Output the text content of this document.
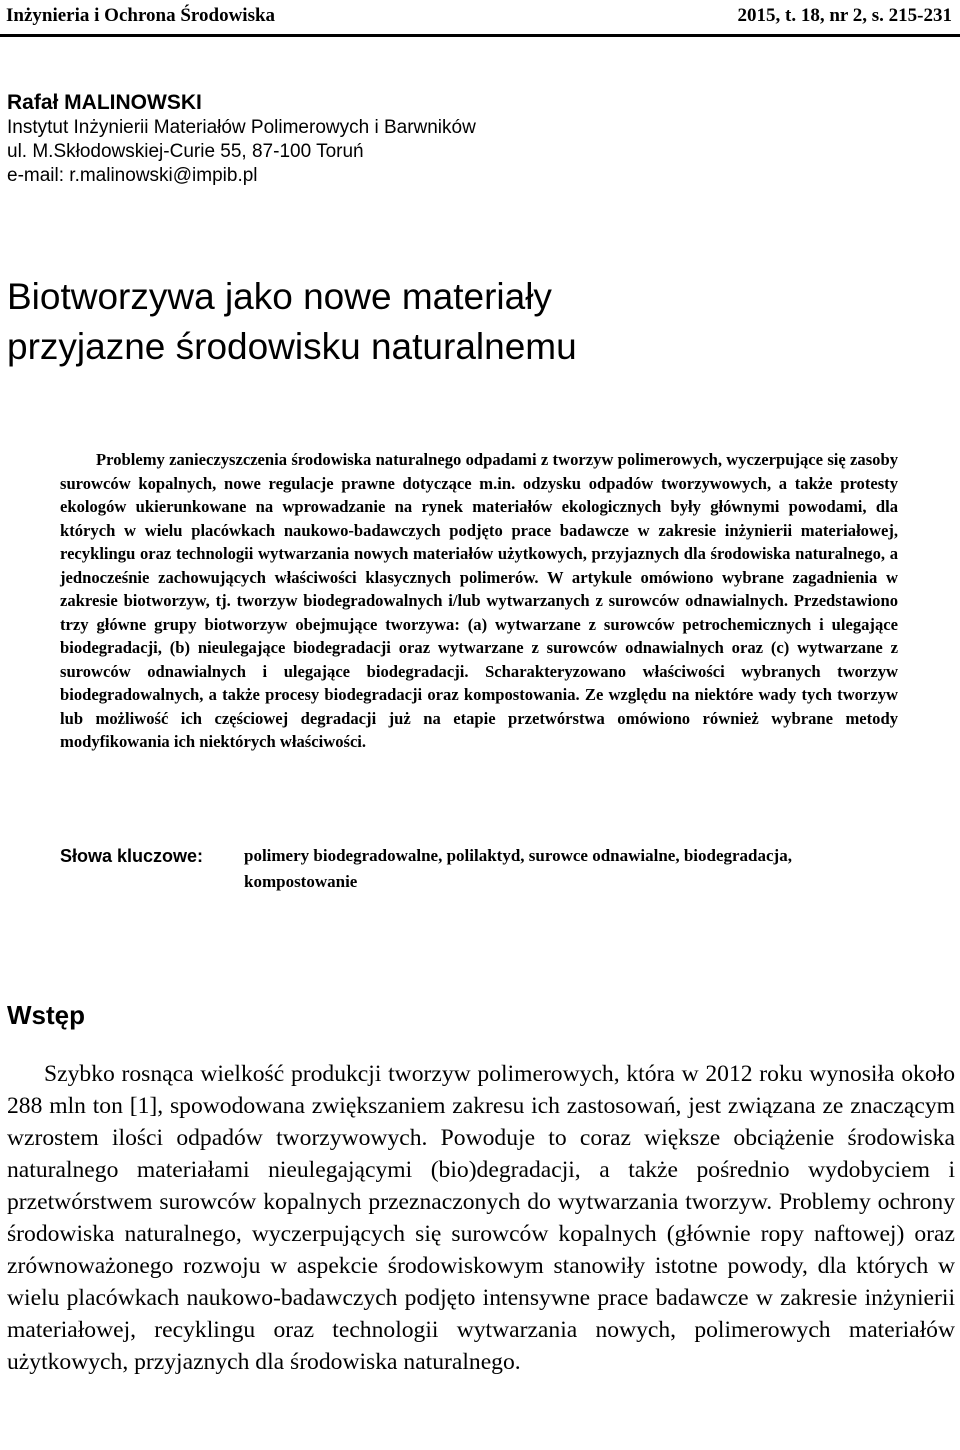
Inżynieria i Ochrona Środowiska	2015, t. 18, nr 2, s. 215-231
Rafał MALINOWSKI
Instytut Inżynierii Materiałów Polimerowych i Barwników
ul. M.Skłodowskiej-Curie 55, 87-100 Toruń
e-mail: r.malinowski@impib.pl
Biotworzywa jako nowe materiały
przyjazne środowisku naturalnemu

Problemy zanieczyszczenia środowiska naturalnego odpadami z tworzyw polimerowych, wyczerpujące się zasoby surowców kopalnych, nowe regulacje prawne dotyczące m.in. odzysku odpadów tworzywowych, a także protesty ekologów ukierunkowane na wprowadzanie na rynek materiałów ekologicznych były głównymi powodami, dla których w wielu placówkach naukowo-badawczych podjęto prace badawcze w zakresie inżynierii materiałowej, recyklingu oraz technologii wytwarzania nowych materiałów użytkowych, przyjaznych dla środowiska naturalnego, a jednocześnie zachowujących właściwości klasycznych polimerów. W artykule omówiono wybrane zagadnienia w zakresie biotworzyw, tj. tworzyw biodegradowalnych i/lub wytwarzanych z surowców odnawialnych. Przedstawiono trzy główne grupy biotworzyw obejmujące tworzywa: (a) wytwarzane z surowców petrochemicznych i ulegające biodegradacji, (b) nieulegające biodegradacji oraz wytwarzane z surowców odnawialnych oraz (c) wytwarzane z surowców odnawialnych i ulegające biodegradacji. Scharakteryzowano właściwości wybranych tworzyw biodegradowalnych, a także procesy biodegradacji oraz kompostowania. Ze względu na niektóre wady tych tworzyw lub możliwość ich częściowej degradacji już na etapie przetwórstwa omówiono również wybrane metody modyfikowania ich niektórych właściwości.

Słowa kluczowe: polimery biodegradowalne, polilaktyd, surowce odnawialne, biodegradacja, kompostowanie
Wstęp

Szybko rosnąca wielkość produkcji tworzyw polimerowych, która w 2012 roku wynosiła około 288 mln ton [1], spowodowana zwiększaniem zakresu ich zastosowań, jest związana ze znaczącym wzrostem ilości odpadów tworzywowych. Powoduje to coraz większe obciążenie środowiska naturalnego materiałami nieulegającymi (bio)degradacji, a także pośrednio wydobyciem i przetwórstwem surowców kopalnych przeznaczonych do wytwarzania tworzyw. Problemy ochrony środowiska naturalnego, wyczerpujących się surowców kopalnych (głównie ropy naftowej) oraz zrównoważonego rozwoju w aspekcie środowiskowym stanowiły istotne powody, dla których w wielu placówkach naukowo-badawczych podjęto intensywne prace badawcze w zakresie inżynierii materiałowej, recyklingu oraz technologii wytwarzania nowych, polimerowych materiałów użytkowych, przyjaznych dla środowiska naturalnego.
